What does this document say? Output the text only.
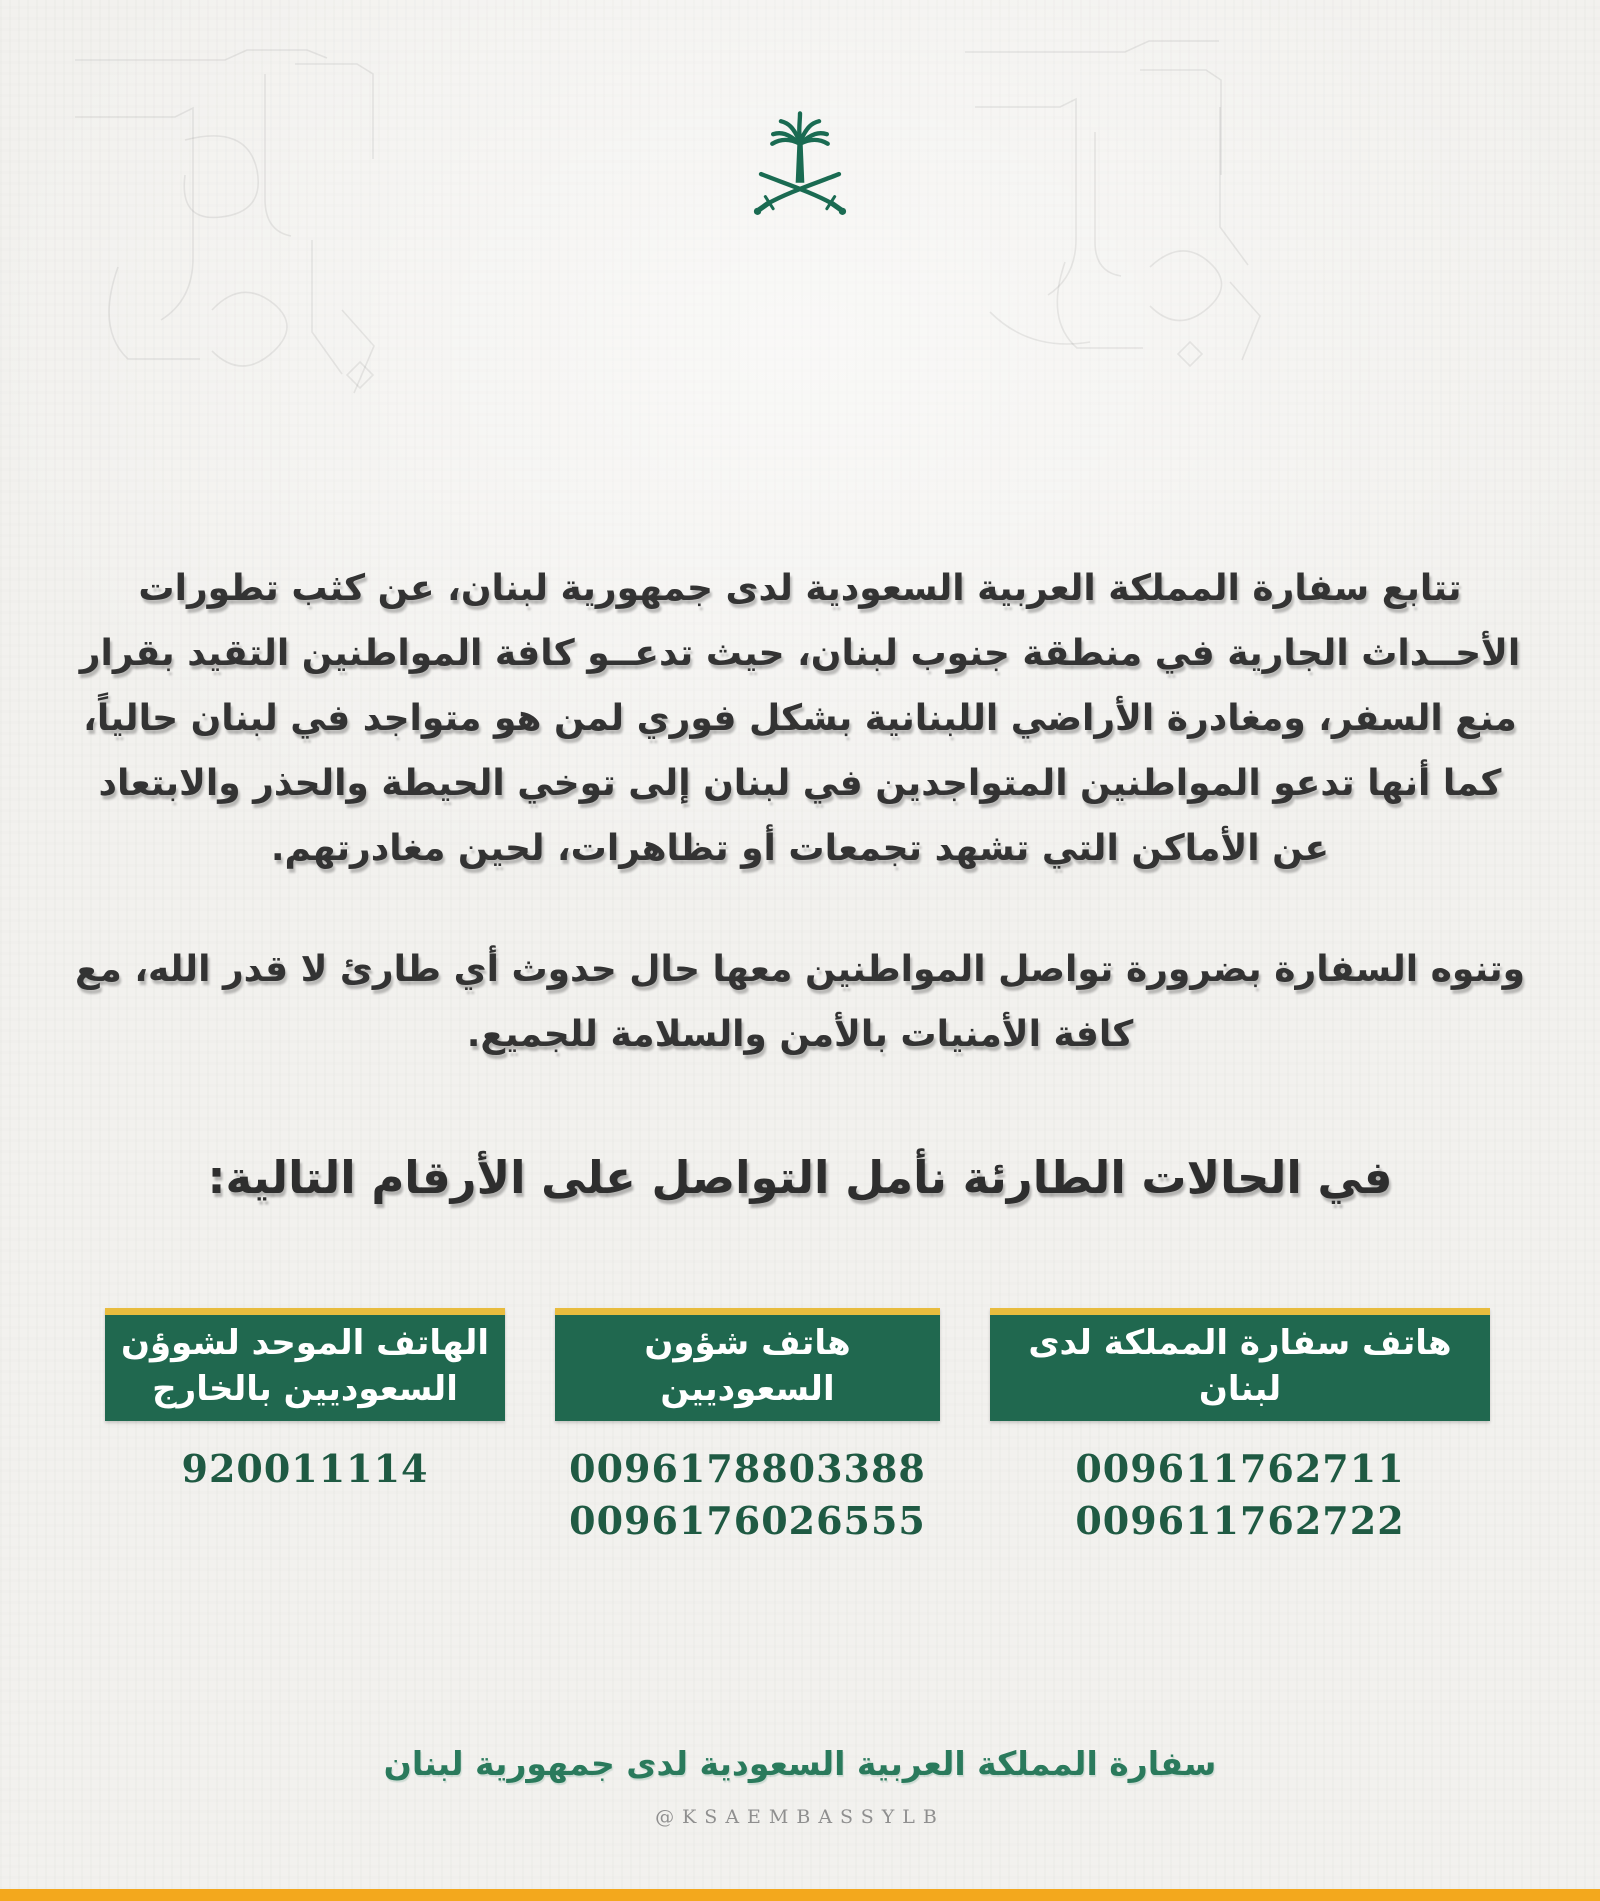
تتابع سفارة المملكة العربية السعودية لدى جمهورية لبنان، عن كثب تطورات الأحــداث الجارية في منطقة جنوب لبنان، حيث تدعــو كافة المواطنين التقيد بقرار منع السفر، ومغادرة الأراضي اللبنانية بشكل فوري لمن هو متواجد في لبنان حالياً، كما أنها تدعو المواطنين المتواجدين في لبنان إلى توخي الحيطة والحذر والابتعاد عن الأماكن التي تشهد تجمعات أو تظاهرات، لحين مغادرتهم.

وتنوه السفارة بضرورة تواصل المواطنين معها حال حدوث أي طارئ لا قدر الله، مع كافة الأمنيات بالأمن والسلامة للجميع.

في الحالات الطارئة نأمل التواصل على الأرقام التالية:

هاتف سفارة المملكة لدى لبنان
009611762711
009611762722
هاتف شؤون السعوديين
0096178803388
0096176026555
الهاتف الموحد لشوؤن السعوديين بالخارج
920011114
سفارة المملكة العربية السعودية لدى جمهورية لبنان
@KSAEMBASSYLB
